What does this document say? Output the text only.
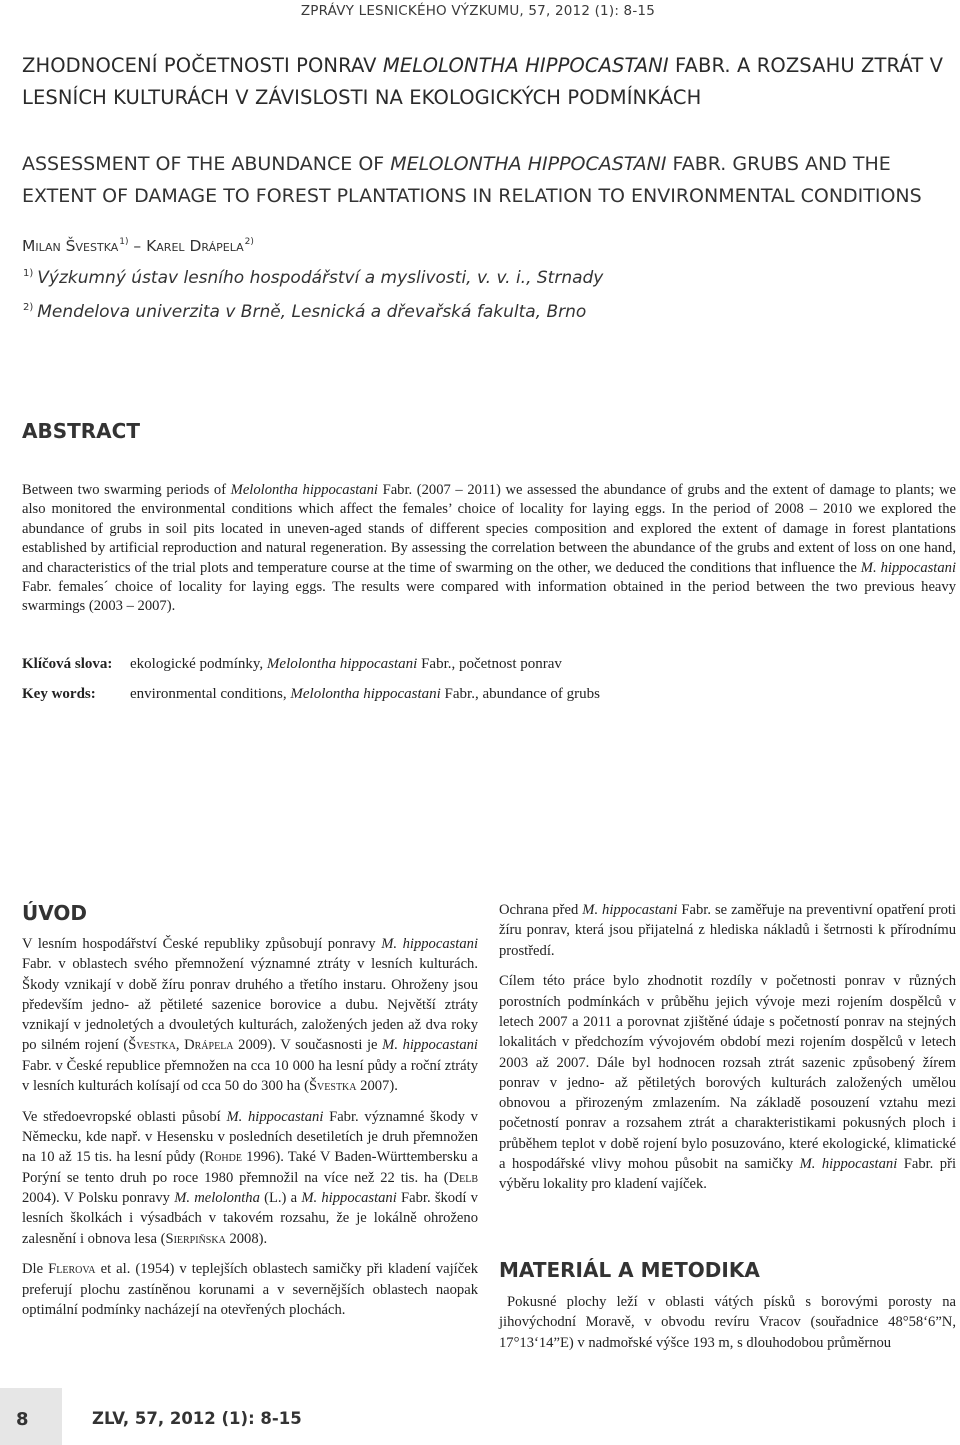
ZPRÁVY LESNICKÉHO VÝZKUMU, 57, 2012 (1): 8-15
ZHODNOCENÍ POČETNOSTI PONRAV MELOLONTHA HIPPOCASTANI FABR. A ROZSAHU ZTRÁT V LESNÍCH KULTURÁCH V ZÁVISLOSTI NA EKOLOGICKÝCH PODMÍNKÁCH
ASSESSMENT OF THE ABUNDANCE OF MELOLONTHA HIPPOCASTANI FABR. GRUBS AND THE EXTENT OF DAMAGE TO FOREST PLANTATIONS IN RELATION TO ENVIRONMENTAL CONDITIONS
Milan Švestka$^{1)}$ – Karel Drápela$^{2)}$
$^{1)}$ Výzkumný ústav lesního hospodářství a myslivosti, v. v. i., Strnady
$^{2)}$ Mendelova univerzita v Brně, Lesnická a dřevařská fakulta, Brno
ABSTRACT
Between two swarming periods of Melolontha hippocastani Fabr. (2007 – 2011) we assessed the abundance of grubs and the extent of damage to plants; we also monitored the environmental conditions which affect the females’ choice of locality for laying eggs. In the period of 2008 – 2010 we explored the abundance of grubs in soil pits located in uneven-aged stands of different species composition and explored the extent of damage in forest plantations established by artificial reproduction and natural regeneration. By assessing the correlation between the abundance of the grubs and extent of loss on one hand, and characteristics of the trial plots and temperature course at the time of swarming on the other, we deduced the conditions that influence the M. hippocastani Fabr. females´ choice of locality for laying eggs. The results were compared with information obtained in the period between the two previous heavy swarmings (2003 – 2007).
Klíčová slova: ekologické podmínky, Melolontha hippocastani Fabr., početnost ponrav
Key words: environmental conditions, Melolontha hippocastani Fabr., abundance of grubs
ÚVOD

V lesním hospodářství České republiky způsobují ponravy M. hippocastani Fabr. v oblastech svého přemnožení významné ztráty v lesních kulturách. Škody vznikají v době žíru ponrav druhého a třetího instaru. Ohroženy jsou především jedno- až pětileté sazenice borovice a dubu. Největší ztráty vznikají v jednoletých a dvouletých kulturách, založených jeden až dva roky po silném rojení (Švestka, Drápela 2009). V současnosti je M. hippocastani Fabr. v České republice přemnožen na cca 10 000 ha lesní půdy a roční ztráty v lesních kulturách kolísají od cca 50 do 300 ha (Švestka 2007).

Ve středoevropské oblasti působí M. hippocastani Fabr. významné škody v Německu, kde např. v Hesensku v posledních desetiletích je druh přemnožen na 10 až 15 tis. ha lesní půdy (Rohde 1996). Také V Baden-Württembersku a Porýní se tento druh po roce 1980 přemnožil na více než 22 tis. ha (Delb 2004). V Polsku ponravy M. melolontha (L.) a M. hippocastani Fabr. škodí v lesních školkách i výsadbách v takovém rozsahu, že je lokálně ohroženo zalesnění i obnova lesa (Sierpiňska 2008).

Dle Flerova et al. (1954) v teplejších oblastech samičky při kladení vajíček preferují plochu zastíněnou korunami a v severnějších oblastech naopak optimální podmínky nacházejí na otevřených plochách.

Ochrana před M. hippocastani Fabr. se zaměřuje na preventivní opatření proti žíru ponrav, která jsou přijatelná z hlediska nákladů i šetrnosti k přírodnímu prostředí.

Cílem této práce bylo zhodnotit rozdíly v početnosti ponrav v různých porostních podmínkách v průběhu jejich vývoje mezi rojením dospělců v letech 2007 a 2011 a porovnat zjištěné údaje s početností ponrav na stejných lokalitách v předchozím vývojovém období mezi rojením dospělců v letech 2003 až 2007. Dále byl hodnocen rozsah ztrát sazenic způsobený žírem ponrav v jedno- až pětiletých borových kulturách založených umělou obnovou a přirozeným zmlazením. Na základě posouzení vztahu mezi početností ponrav a rozsahem ztrát a charakteristikami pokusných ploch i průběhem teplot v době rojení bylo posuzováno, které ekologické, klimatické a hospodářské vlivy mohou působit na samičky M. hippocastani Fabr. při výběru lokality pro kladení vajíček.

MATERIÁL A METODIKA

Pokusné plochy leží v oblasti vátých písků s borovými porosty na jihovýchodní Moravě, v obvodu revíru Vracov (souřadnice 48°58‘6”N, 17°13‘14”E) v nadmořské výšce 193 m, s dlouhodobou průměrnou

8	ZLV, 57, 2012 (1): 8-15
